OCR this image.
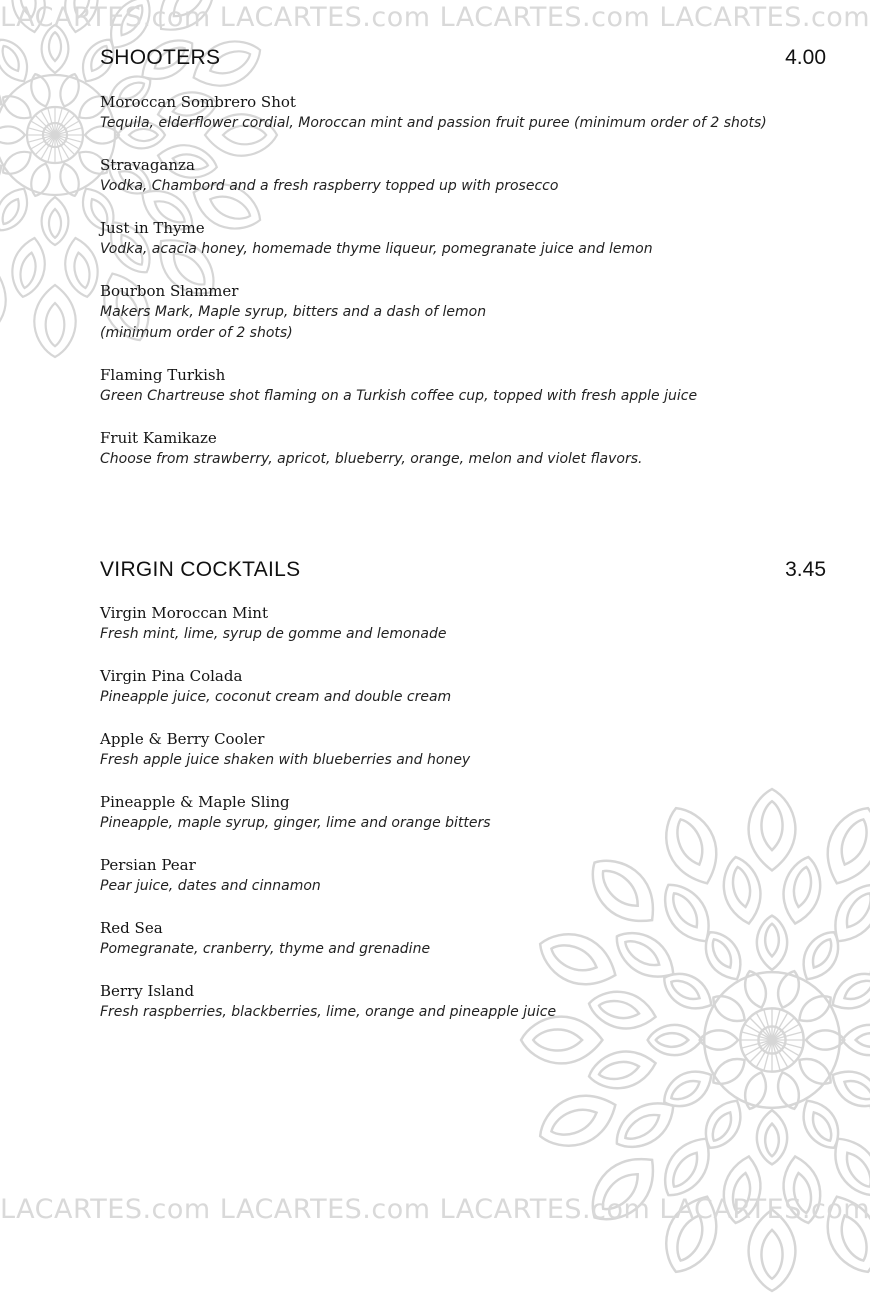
LACARTES.com LACARTES.com LACARTES.com LACARTES.com
SHOOTERS	4.00
Moroccan Sombrero Shot
Tequila, elderflower cordial, Moroccan mint and passion fruit puree (minimum order of 2 shots)
Stravaganza
Vodka, Chambord and a fresh raspberry topped up with prosecco
Just in Thyme
Vodka, acacia honey, homemade thyme liqueur, pomegranate juice and lemon
Bourbon Slammer
Makers Mark, Maple syrup, bitters and a dash of lemon
(minimum order of 2 shots)
Flaming Turkish
Green Chartreuse shot flaming on a Turkish coffee cup, topped with fresh apple juice
Fruit Kamikaze
Choose from strawberry, apricot, blueberry, orange, melon and violet flavors.
VIRGIN COCKTAILS	3.45
Virgin Moroccan Mint
Fresh mint, lime, syrup de gomme and lemonade
Virgin Pina Colada
Pineapple juice, coconut cream and double cream
Apple & Berry Cooler
Fresh apple juice shaken with blueberries and honey
Pineapple & Maple Sling
Pineapple, maple syrup, ginger, lime and orange bitters
Persian Pear
Pear juice, dates and cinnamon
Red Sea
Pomegranate, cranberry, thyme and grenadine
Berry Island
Fresh raspberries, blackberries, lime, orange and pineapple juice
LACARTES.com LACARTES.com LACARTES.com LACARTES.com
